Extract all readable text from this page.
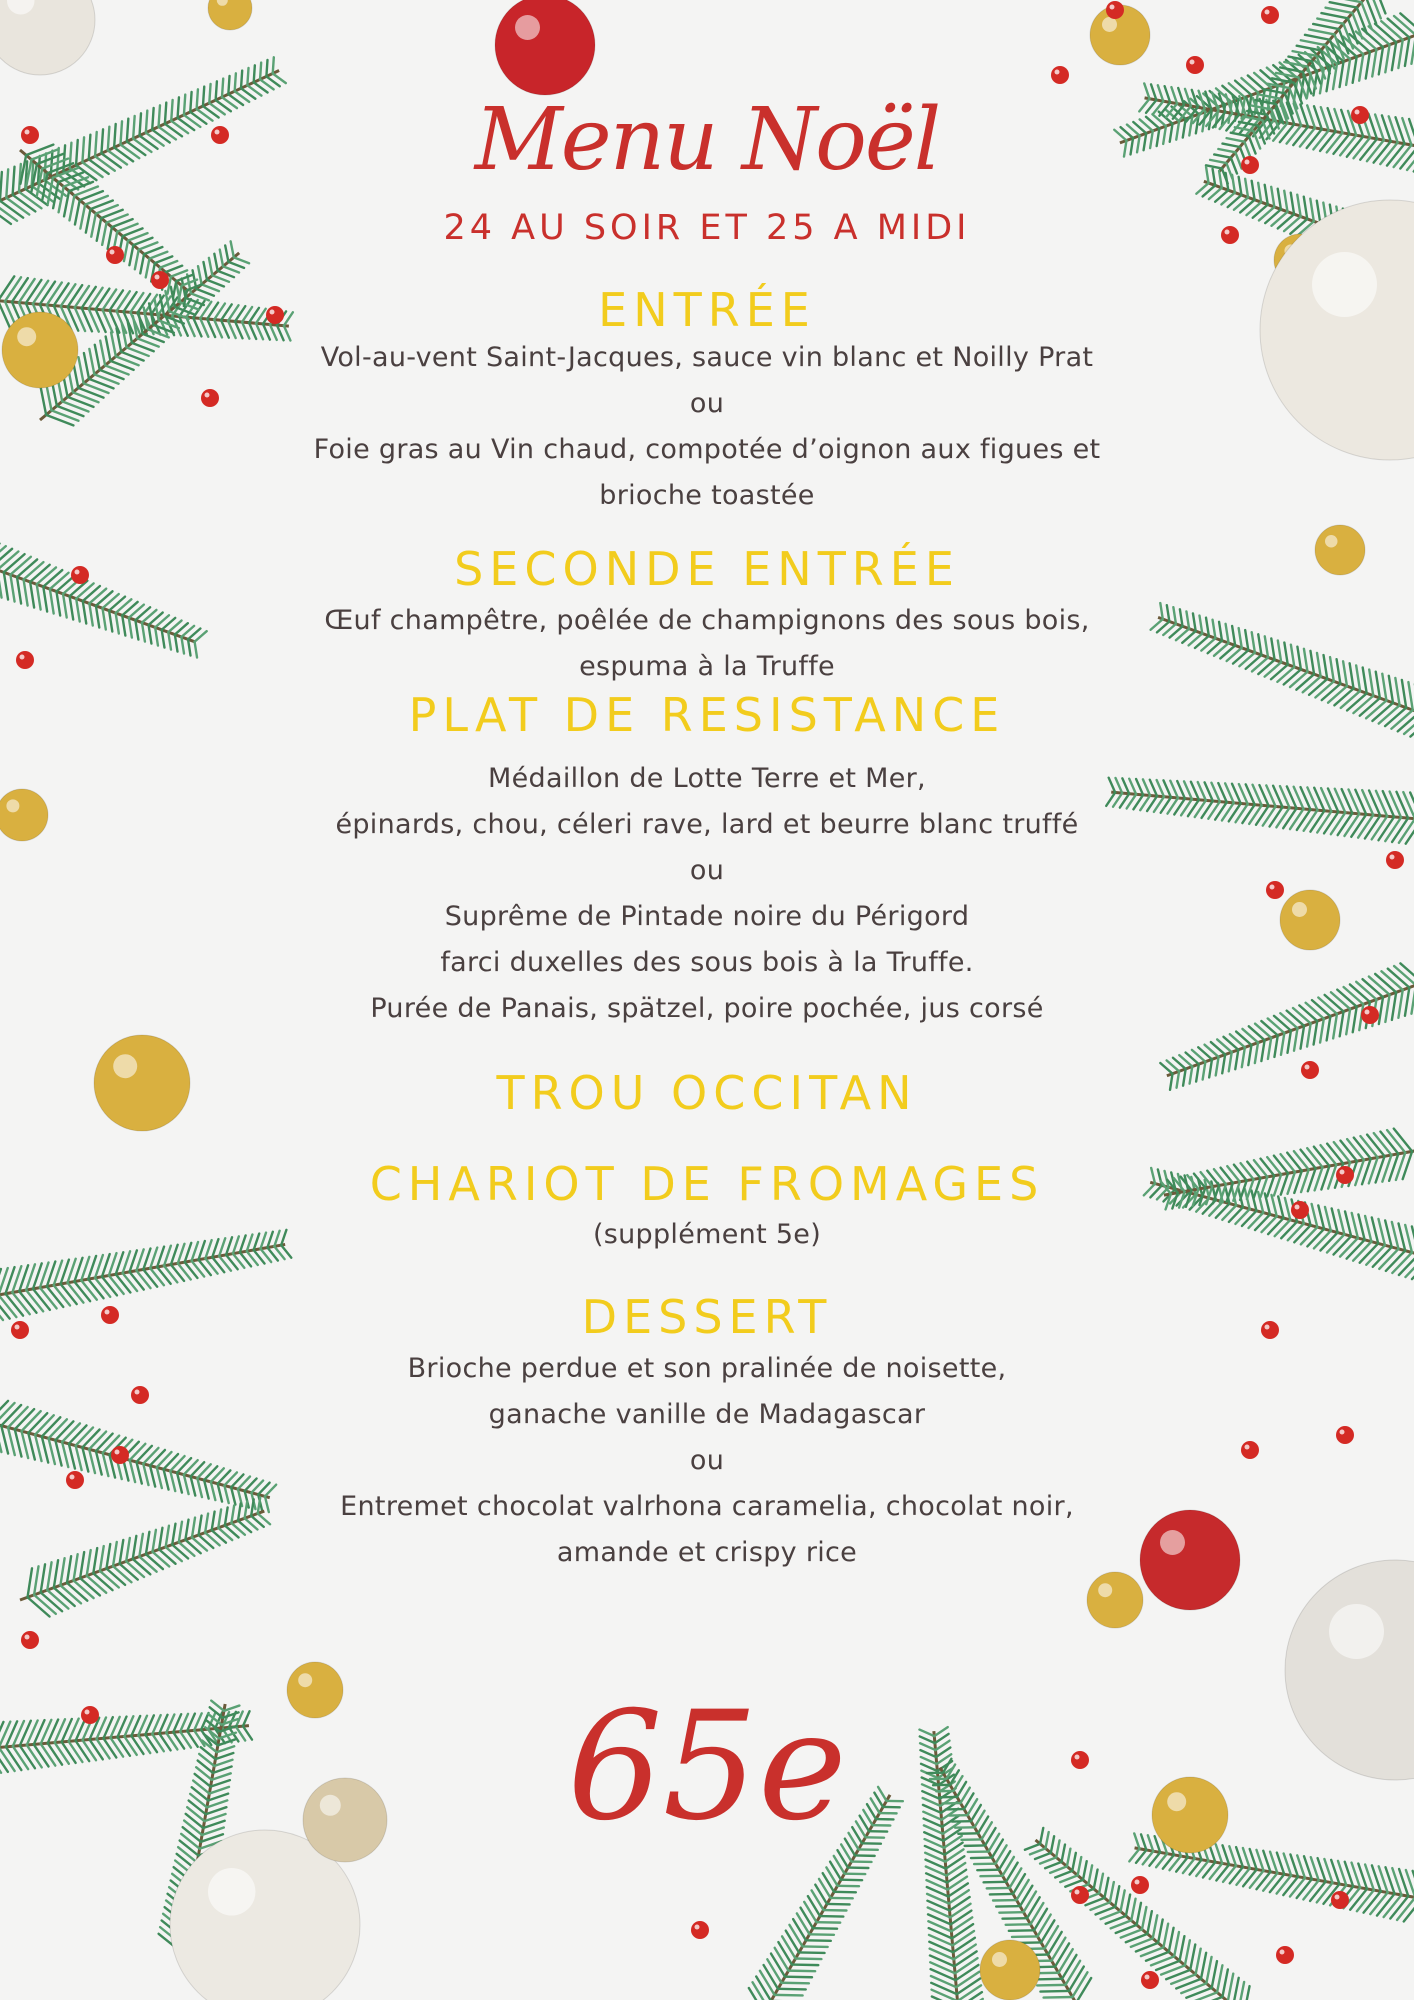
Menu Noël
24 AU SOIR ET 25 A MIDI
ENTRÉE
Vol-au-vent Saint-Jacques, sauce vin blanc et Noilly Prat
ou
Foie gras au Vin chaud, compotée d’oignon aux figues et
brioche toastée
SECONDE ENTRÉE
Œuf champêtre, poêlée de champignons des sous bois,
espuma à la Truffe
PLAT DE RESISTANCE
Médaillon de Lotte Terre et Mer,
épinards, chou, céleri rave, lard et beurre blanc truffé
ou
Suprême de Pintade noire du Périgord
farci duxelles des sous bois à la Truffe.
Purée de Panais, spätzel, poire pochée, jus corsé
TROU OCCITAN
CHARIOT DE FROMAGES
(supplément 5e)
DESSERT
Brioche perdue et son pralinée de noisette,
ganache vanille de Madagascar
ou
Entremet chocolat valrhona caramelia, chocolat noir,
amande et crispy rice
65e
